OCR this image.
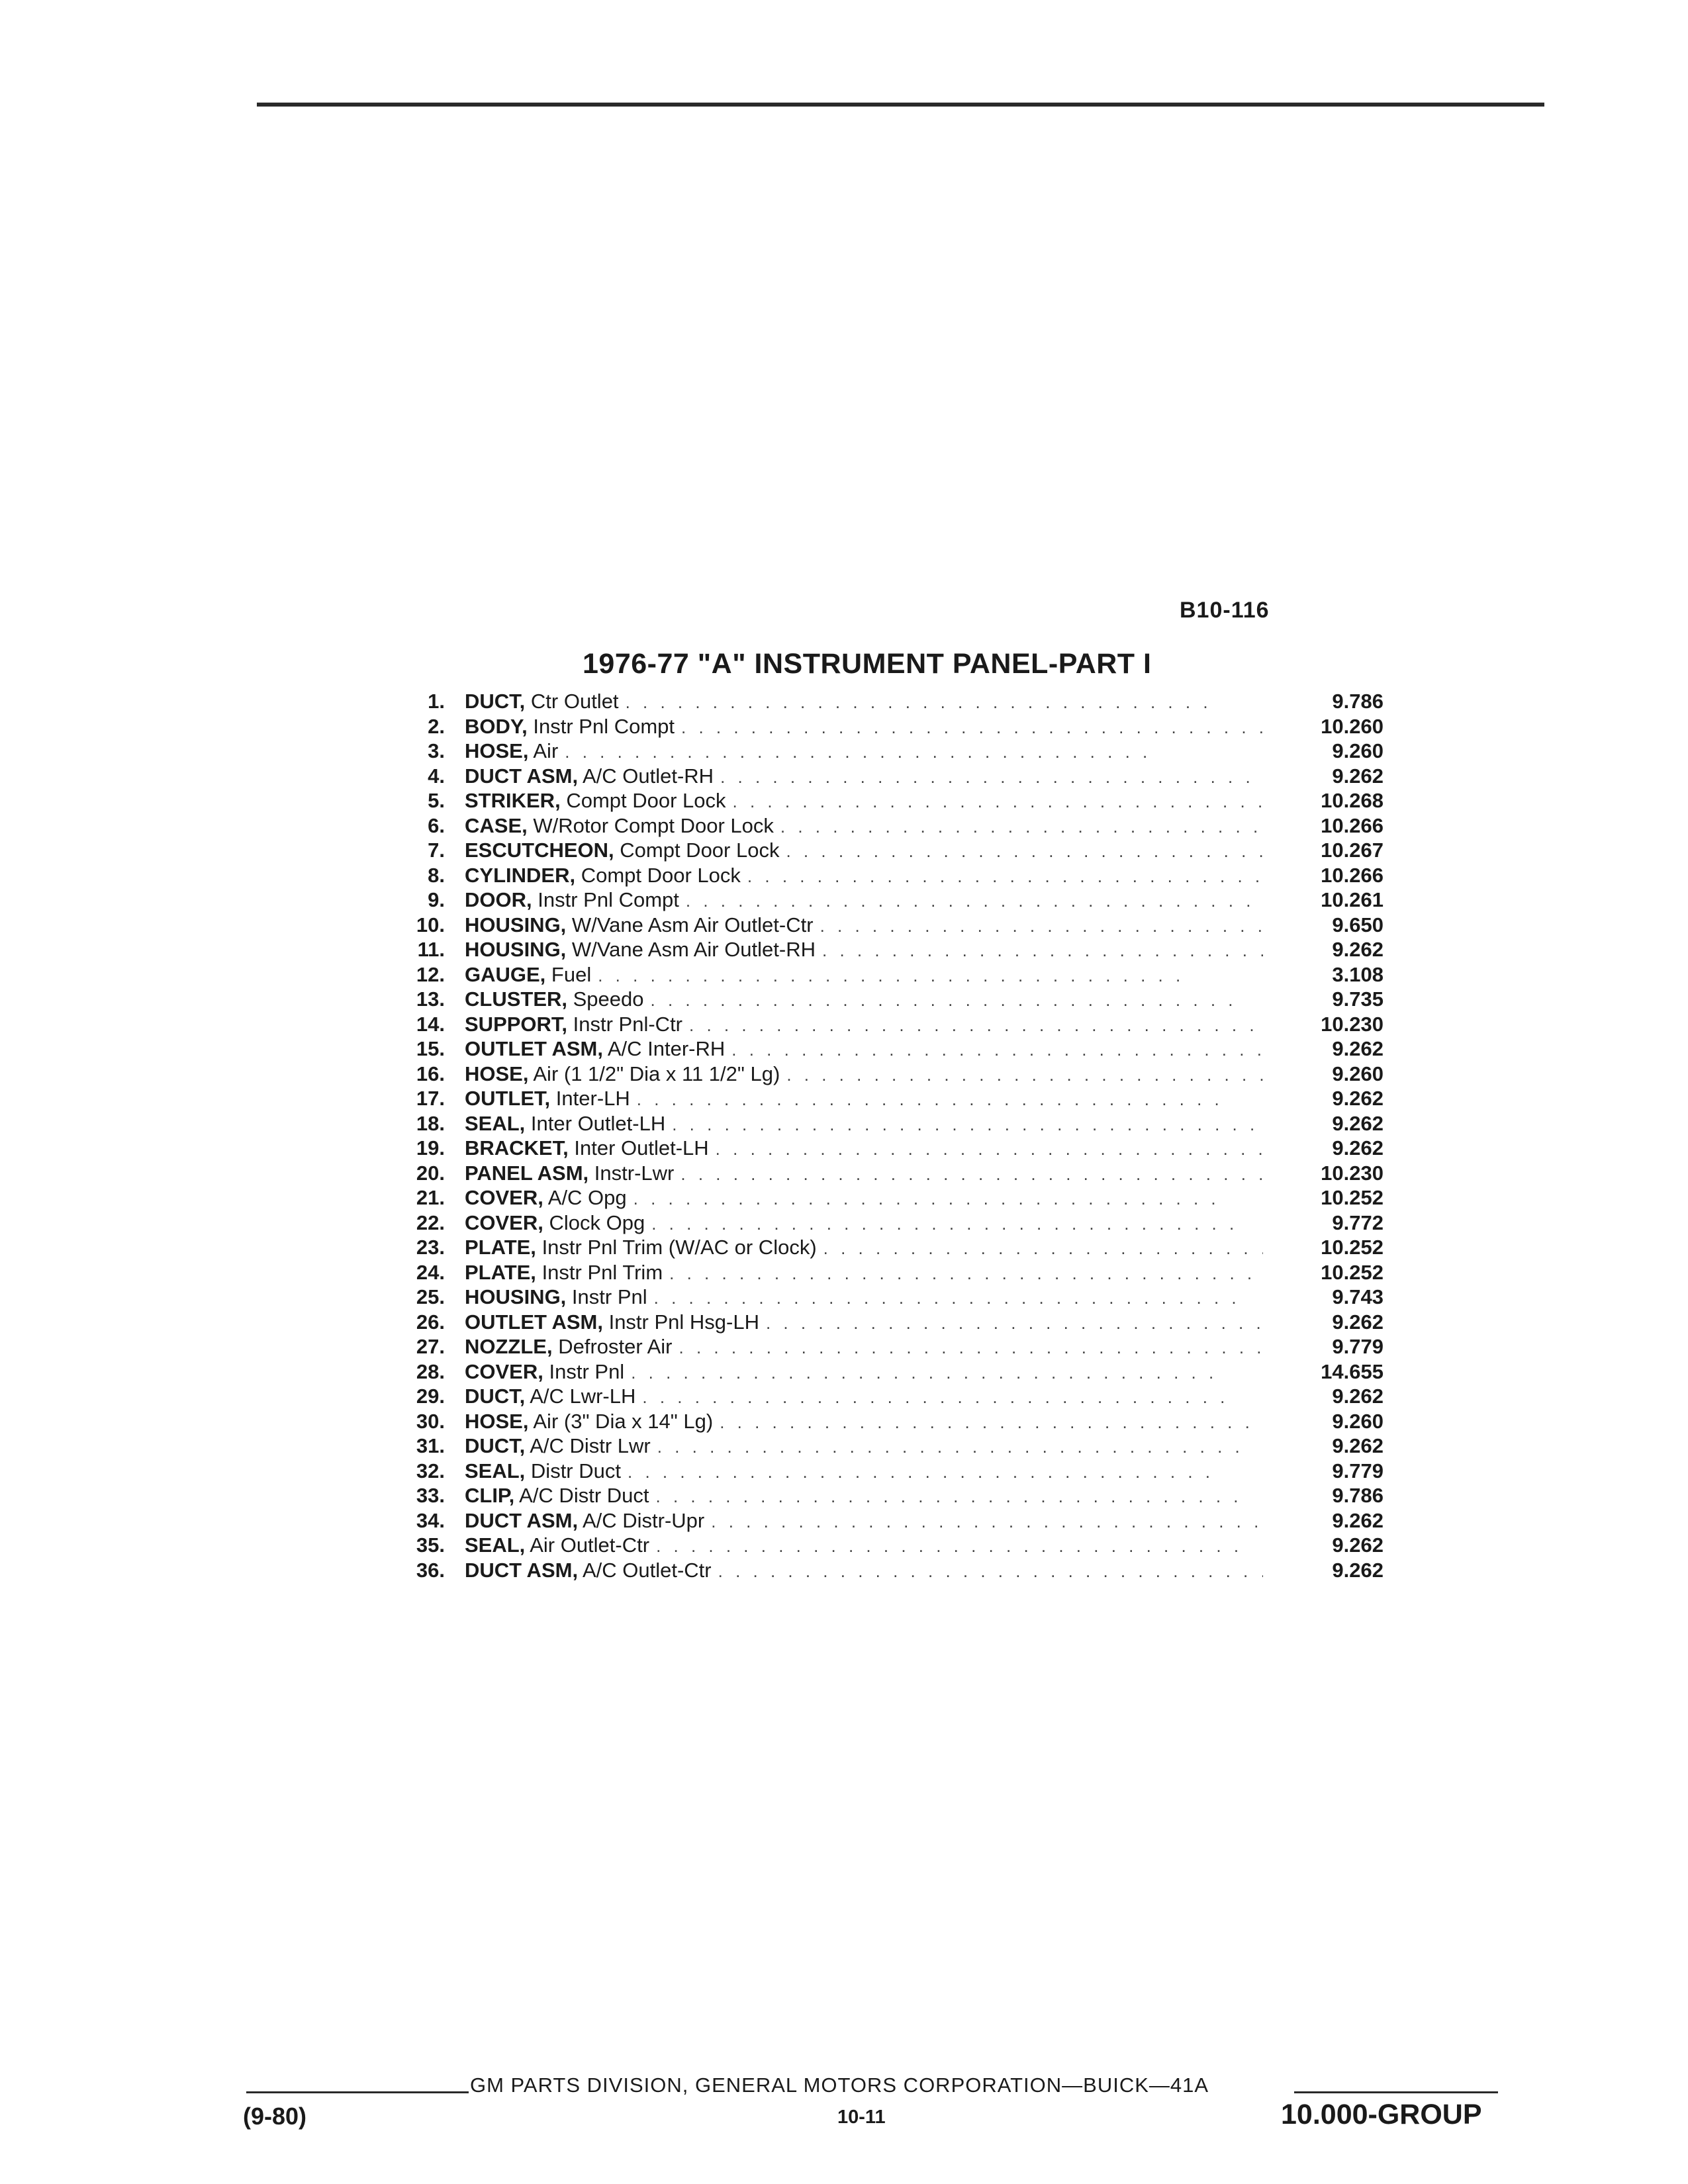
B10-116
1976-77 "A" INSTRUMENT PANEL-PART I
1. DUCT, Ctr Outlet . . .	9.786
2. BODY, Instr Pnl Compt . . .	10.260
3. HOSE, Air . . .	9.260
4. DUCT ASM, A/C Outlet-RH . . .	9.262
5. STRIKER, Compt Door Lock . . .	10.268
6. CASE, W/Rotor Compt Door Lock . . .	10.266
7. ESCUTCHEON, Compt Door Lock . . .	10.267
8. CYLINDER, Compt Door Lock . . .	10.266
9. DOOR, Instr Pnl Compt . . .	10.261
10. HOUSING, W/Vane Asm Air Outlet-Ctr . . .	9.650
11. HOUSING, W/Vane Asm Air Outlet-RH . . .	9.262
12. GAUGE, Fuel . . .	3.108
13. CLUSTER, Speedo . . .	9.735
14. SUPPORT, Instr Pnl-Ctr . . .	10.230
15. OUTLET ASM, A/C Inter-RH . . .	9.262
16. HOSE, Air (1 1/2" Dia x 11 1/2" Lg) . . .	9.260
17. OUTLET, Inter-LH . . .	9.262
18. SEAL, Inter Outlet-LH . . .	9.262
19. BRACKET, Inter Outlet-LH . . .	9.262
20. PANEL ASM, Instr-Lwr . . .	10.230
21. COVER, A/C Opg . . .	10.252
22. COVER, Clock Opg . . .	9.772
23. PLATE, Instr Pnl Trim (W/AC or Clock) . . .	10.252
24. PLATE, Instr Pnl Trim . . .	10.252
25. HOUSING, Instr Pnl . . .	9.743
26. OUTLET ASM, Instr Pnl Hsg-LH . . .	9.262
27. NOZZLE, Defroster Air . . .	9.779
28. COVER, Instr Pnl . . .	14.655
29. DUCT, A/C Lwr-LH . . .	9.262
30. HOSE, Air (3" Dia x 14" Lg) . . .	9.260
31. DUCT, A/C Distr Lwr . . .	9.262
32. SEAL, Distr Duct . . .	9.779
33. CLIP, A/C Distr Duct . . .	9.786
34. DUCT ASM, A/C Distr-Upr . . .	9.262
35. SEAL, Air Outlet-Ctr . . .	9.262
36. DUCT ASM, A/C Outlet-Ctr . . .	9.262
GM PARTS DIVISION, GENERAL MOTORS CORPORATION—BUICK—41A
(9-80)	10-11	10.000-GROUP
